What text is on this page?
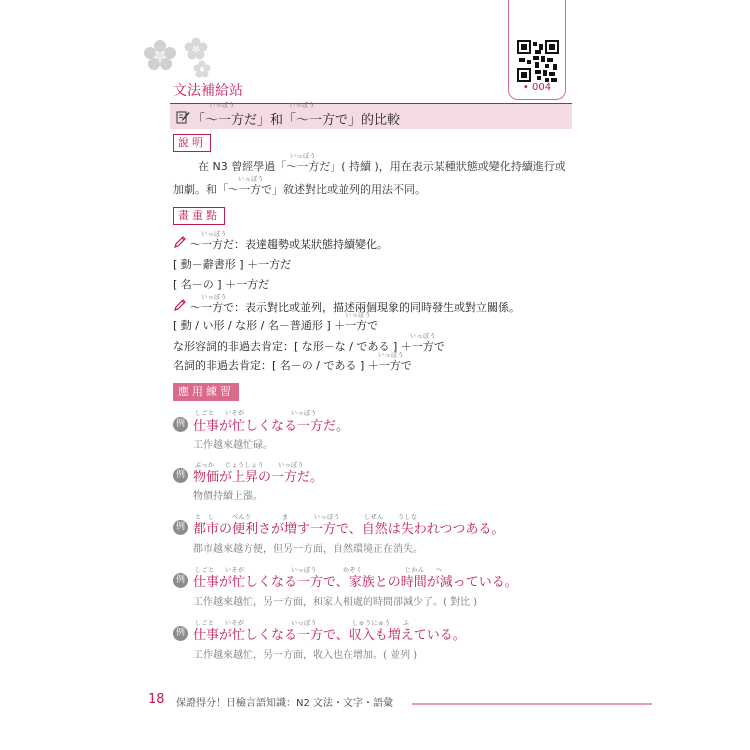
• 004
文法補給站
いっぽう	いっぽう
「～一方だ」和「～一方で」的比較
說明
いっぽう
在 N3 曾經學過「～一方だ」( 持續 )，用在表示某種狀態或變化持續進行或
いっぽう
加劇。和「～一方で」敘述對比或並列的用法不同。
畫重點
いっぽう
～一方だ：表達趨勢或某狀態持續變化。
[ 動－辭書形 ] ＋一方だ
[ 名－の ] ＋一方だ
いっぽう
～一方で：表示對比或並列，描述兩個現象的同時發生或對立關係。
いっぽう
[ 動 / い形 / な形 / 名－普通形 ] ＋一方で
いっぽう
な形容詞的非過去肯定：[ な形－な / である ] ＋一方で
いっぽう
名詞的非過去肯定：[ 名－の / である ] ＋一方で
應用練習
しごと いそが	いっぽう
例 仕事が忙しくなる一方だ。
工作越來越忙碌。
ぶっか じょうしょう いっぽう
例 物価が上昇の一方だ。
物價持續上漲。
と　し	べんり	ま	いっぽう	しぜん うしな
例 都市の便利さが増す一方で、自然は失われつつある。
都市越來越方便，但另一方面，自然環境正在消失。
しごと いそが	いっぽう	かぞく	じかん へ
例 仕事が忙しくなる一方で、家族との時間が減っている。
工作越來越忙，另一方面，和家人相處的時間卻減少了。( 對比 )
しごと いそが	いっぽう	しゅうにゅう ふ
例 仕事が忙しくなる一方で、収入も増えている。
工作越來越忙，另一方面，收入也在增加。( 並列 )
18 保證得分！日檢言語知識：N2 文法・文字・語彙
